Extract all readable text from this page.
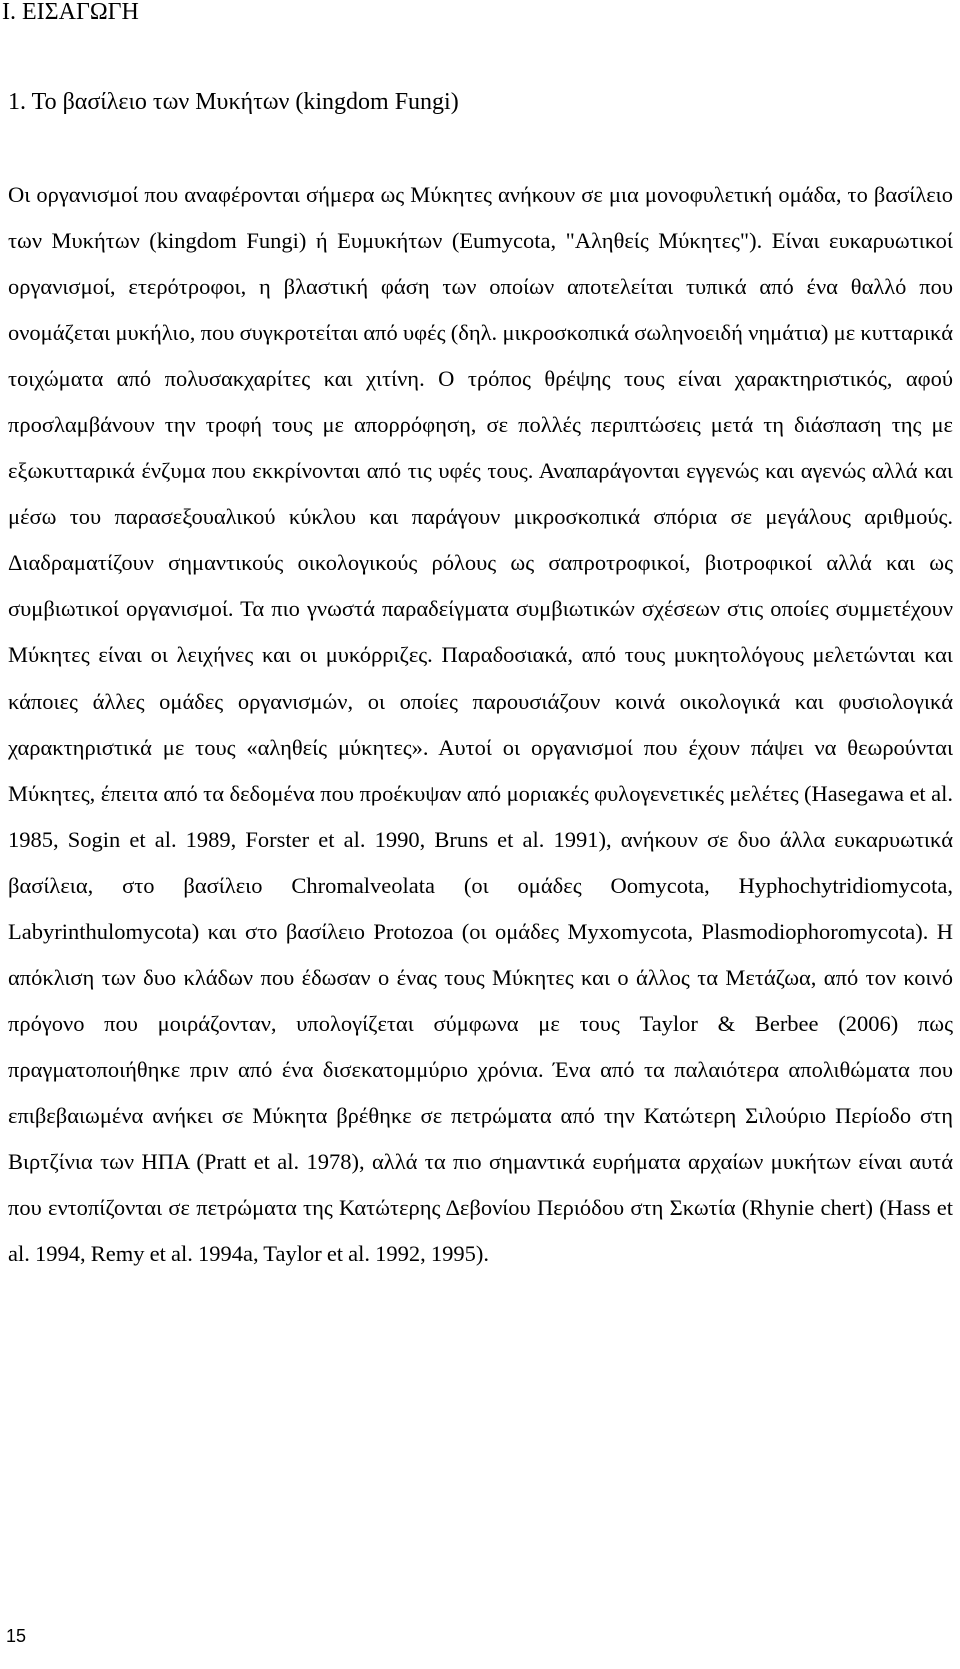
Ι. ΕΙΣΑΓΩΓΗ
1. Το βασίλειο των Μυκήτων (kingdom Fungi)

Οι οργανισμοί που αναφέρονται σήμερα ως Μύκητες ανήκουν σε μια μονοφυλετική ομάδα, το βασίλειο των Μυκήτων (kingdom Fungi) ή Ευμυκήτων (Eumycota, "Αληθείς Μύκητες"). Είναι ευκαρυωτικοί οργανισμοί, ετερότροφοι, η βλαστική φάση των οποίων αποτελείται τυπικά από ένα θαλλό που ονομάζεται μυκήλιο, που συγκροτείται από υφές (δηλ. μικροσκοπικά σωληνοειδή νημάτια) με κυτταρικά τοιχώματα από πολυσακχαρίτες και χιτίνη. Ο τρόπος θρέψης τους είναι χαρακτηριστικός, αφού προσλαμβάνουν την τροφή τους με απορρόφηση, σε πολλές περιπτώσεις μετά τη διάσπαση της με εξωκυτταρικά ένζυμα που εκκρίνονται από τις υφές τους. Αναπαράγονται εγγενώς και αγενώς αλλά και μέσω του παρασεξουαλικού κύκλου και παράγουν μικροσκοπικά σπόρια σε μεγάλους αριθμούς. Διαδραματίζουν σημαντικούς οικολογικούς ρόλους ως σαπροτροφικοί, βιοτροφικοί αλλά και ως συμβιωτικοί οργανισμοί. Τα πιο γνωστά παραδείγματα συμβιωτικών σχέσεων στις οποίες συμμετέχουν Μύκητες είναι οι λειχήνες και οι μυκόρριζες. Παραδοσιακά, από τους μυκητολόγους μελετώνται και κάποιες άλλες ομάδες οργανισμών, οι οποίες παρουσιάζουν κοινά οικολογικά και φυσιολογικά χαρακτηριστικά με τους «αληθείς μύκητες». Αυτοί οι οργανισμοί που έχουν πάψει να θεωρούνται Μύκητες, έπειτα από τα δεδομένα που προέκυψαν από μοριακές φυλογενετικές μελέτες (Hasegawa et al. 1985, Sogin et al. 1989, Forster et al. 1990, Bruns et al. 1991), ανήκουν σε δυο άλλα ευκαρυωτικά βασίλεια, στο βασίλειο Chromalveolata (οι ομάδες Oomycota, Hyphochytridiomycota, Labyrinthulomycota) και στο βασίλειο Protozoa (οι ομάδες Myxomycota, Plasmodiophoromycota). Η απόκλιση των δυο κλάδων που έδωσαν ο ένας τους Μύκητες και ο άλλος τα Μετάζωα, από τον κοινό πρόγονο που μοιράζονταν, υπολογίζεται σύμφωνα με τους Taylor & Berbee (2006) πως πραγματοποιήθηκε πριν από ένα δισεκατομμύριο χρόνια. Ένα από τα παλαιότερα απολιθώματα που επιβεβαιωμένα ανήκει σε Μύκητα βρέθηκε σε πετρώματα από την Κατώτερη Σιλούριο Περίοδο στη Βιρτζίνια των ΗΠΑ (Pratt et al. 1978), αλλά τα πιο σημαντικά ευρήματα αρχαίων μυκήτων είναι αυτά που εντοπίζονται σε πετρώματα της Κατώτερης Δεβονίου Περιόδου στη Σκωτία (Rhynie chert) (Hass et al. 1994, Remy et al. 1994a, Taylor et al. 1992, 1995).

15
